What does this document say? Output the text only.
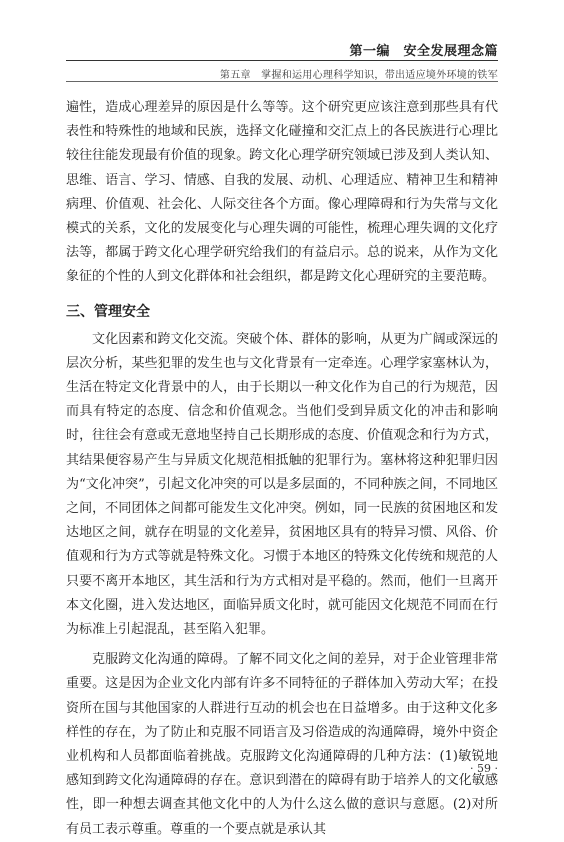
第一编　安全发展理念篇
第五章　掌握和运用心理科学知识，带出适应境外环境的铁军

遍性，造成心理差异的原因是什么等等。这个研究更应该注意到那些具有代表性和特殊性的地域和民族，选择文化碰撞和交汇点上的各民族进行心理比较往往能发现最有价值的现象。跨文化心理学研究领域已涉及到人类认知、思维、语言、学习、情感、自我的发展、动机、心理适应、精神卫生和精神病理、价值观、社会化、人际交往各个方面。像心理障碍和行为失常与文化模式的关系，文化的发展变化与心理失调的可能性，梳理心理失调的文化疗法等，都属于跨文化心理学研究给我们的有益启示。总的说来，从作为文化象征的个性的人到文化群体和社会组织，都是跨文化心理研究的主要范畴。

三、管理安全

文化因素和跨文化交流。突破个体、群体的影响，从更为广阔或深远的层次分析，某些犯罪的发生也与文化背景有一定牵连。心理学家塞林认为，生活在特定文化背景中的人，由于长期以一种文化作为自己的行为规范，因而具有特定的态度、信念和价值观念。当他们受到异质文化的冲击和影响时，往往会有意或无意地坚持自己长期形成的态度、价值观念和行为方式，其结果便容易产生与异质文化规范相抵触的犯罪行为。塞林将这种犯罪归因为“文化冲突”，引起文化冲突的可以是多层面的，不同种族之间，不同地区之间，不同团体之间都可能发生文化冲突。例如，同一民族的贫困地区和发达地区之间，就存在明显的文化差异，贫困地区具有的特异习惯、风俗、价值观和行为方式等就是特殊文化。习惯于本地区的特殊文化传统和规范的人只要不离开本地区，其生活和行为方式相对是平稳的。然而，他们一旦离开本文化圈，进入发达地区，面临异质文化时，就可能因文化规范不同而在行为标准上引起混乱，甚至陷入犯罪。

克服跨文化沟通的障碍。了解不同文化之间的差异，对于企业管理非常重要。这是因为企业文化内部有许多不同特征的子群体加入劳动大军；在投资所在国与其他国家的人群进行互动的机会也在日益增多。由于这种文化多样性的存在，为了防止和克服不同语言及习俗造成的沟通障碍，境外中资企业机构和人员都面临着挑战。克服跨文化沟通障碍的几种方法：(1)敏锐地感知到跨文化沟通障碍的存在。意识到潜在的障碍有助于培养人的文化敏感性，即一种想去调查其他文化中的人为什么这么做的意识与意愿。(2)对所有员工表示尊重。尊重的一个要点就是承认其

· 59 ·
